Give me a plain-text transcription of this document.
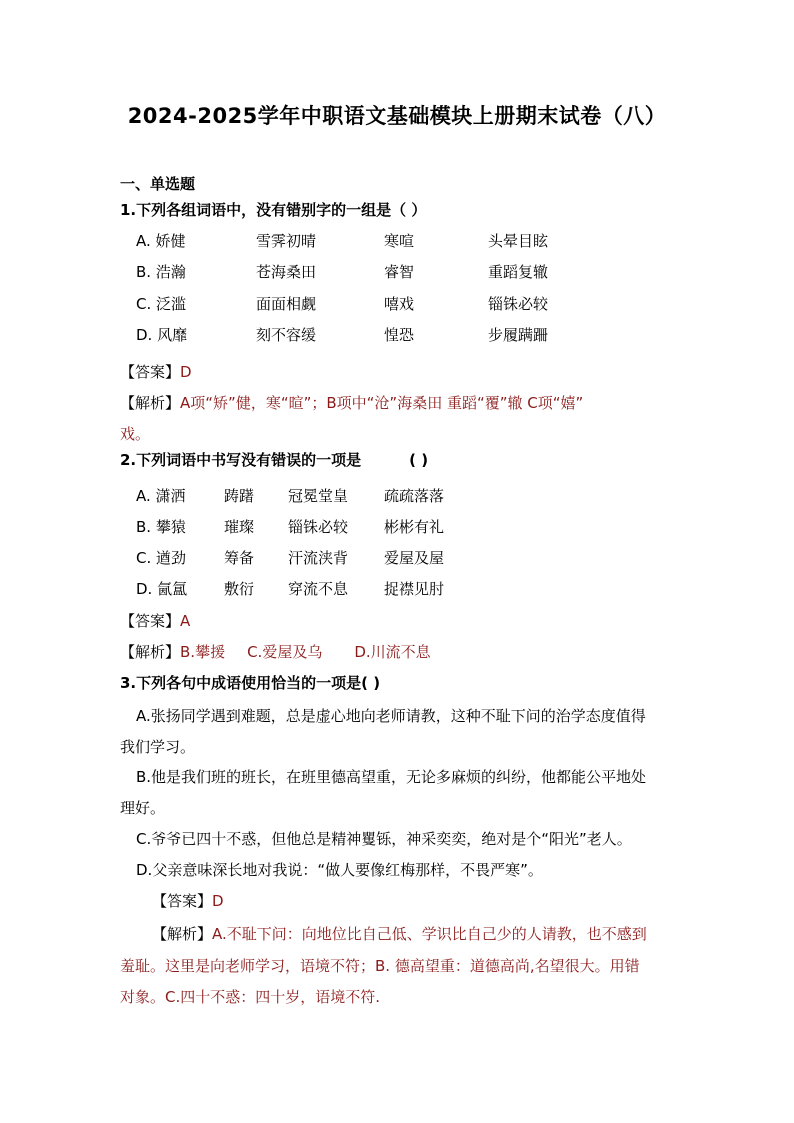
2024-2025学年中职语文基础模块上册期末试卷（八）
一、单选题
1.下列各组词语中，没有错别字的一组是（ ）
A. 娇健	雪霁初晴	寒喧	头晕目眩
B. 浩瀚	苍海桑田	睿智	重蹈复辙
C. 泛滥	面面相觑	嘻戏	锱铢必较
D. 风靡	刻不容缓	惶恐	步履蹒跚
【答案】D
【解析】A项“矫”健，寒“暄”；B项中“沧”海桑田 重蹈“覆”辙 C项“嬉”
戏。
2.下列词语中书写没有错误的一项是	( )
A. 潇洒	踌躇 冠冕堂皇 疏疏落落
B. 攀猿	璀璨 锱铢必较 彬彬有礼
C. 遒劲	筹备 汗流浃背 爱屋及屋
D. 氤氲 敷衍 穿流不息 捉襟见肘
【答案】A
【解析】B.攀援 C.爱屋及乌 D.川流不息
3.下列各句中成语使用恰当的一项是( )
A.张扬同学遇到难题，总是虚心地向老师请教，这种不耻下问的治学态度值得
我们学习。
B.他是我们班的班长，在班里德高望重，无论多麻烦的纠纷，他都能公平地处
理好。
C.爷爷已四十不惑，但他总是精神矍铄，神采奕奕，绝对是个“阳光”老人。
D.父亲意味深长地对我说：“做人要像红梅那样，不畏严寒”。
【答案】D
【解析】A.不耻下问：向地位比自己低、学识比自己少的人请教，也不感到
羞耻。这里是向老师学习，语境不符；B. 德高望重：道德高尚,名望很大。用错
对象。C.四十不惑：四十岁，语境不符.
